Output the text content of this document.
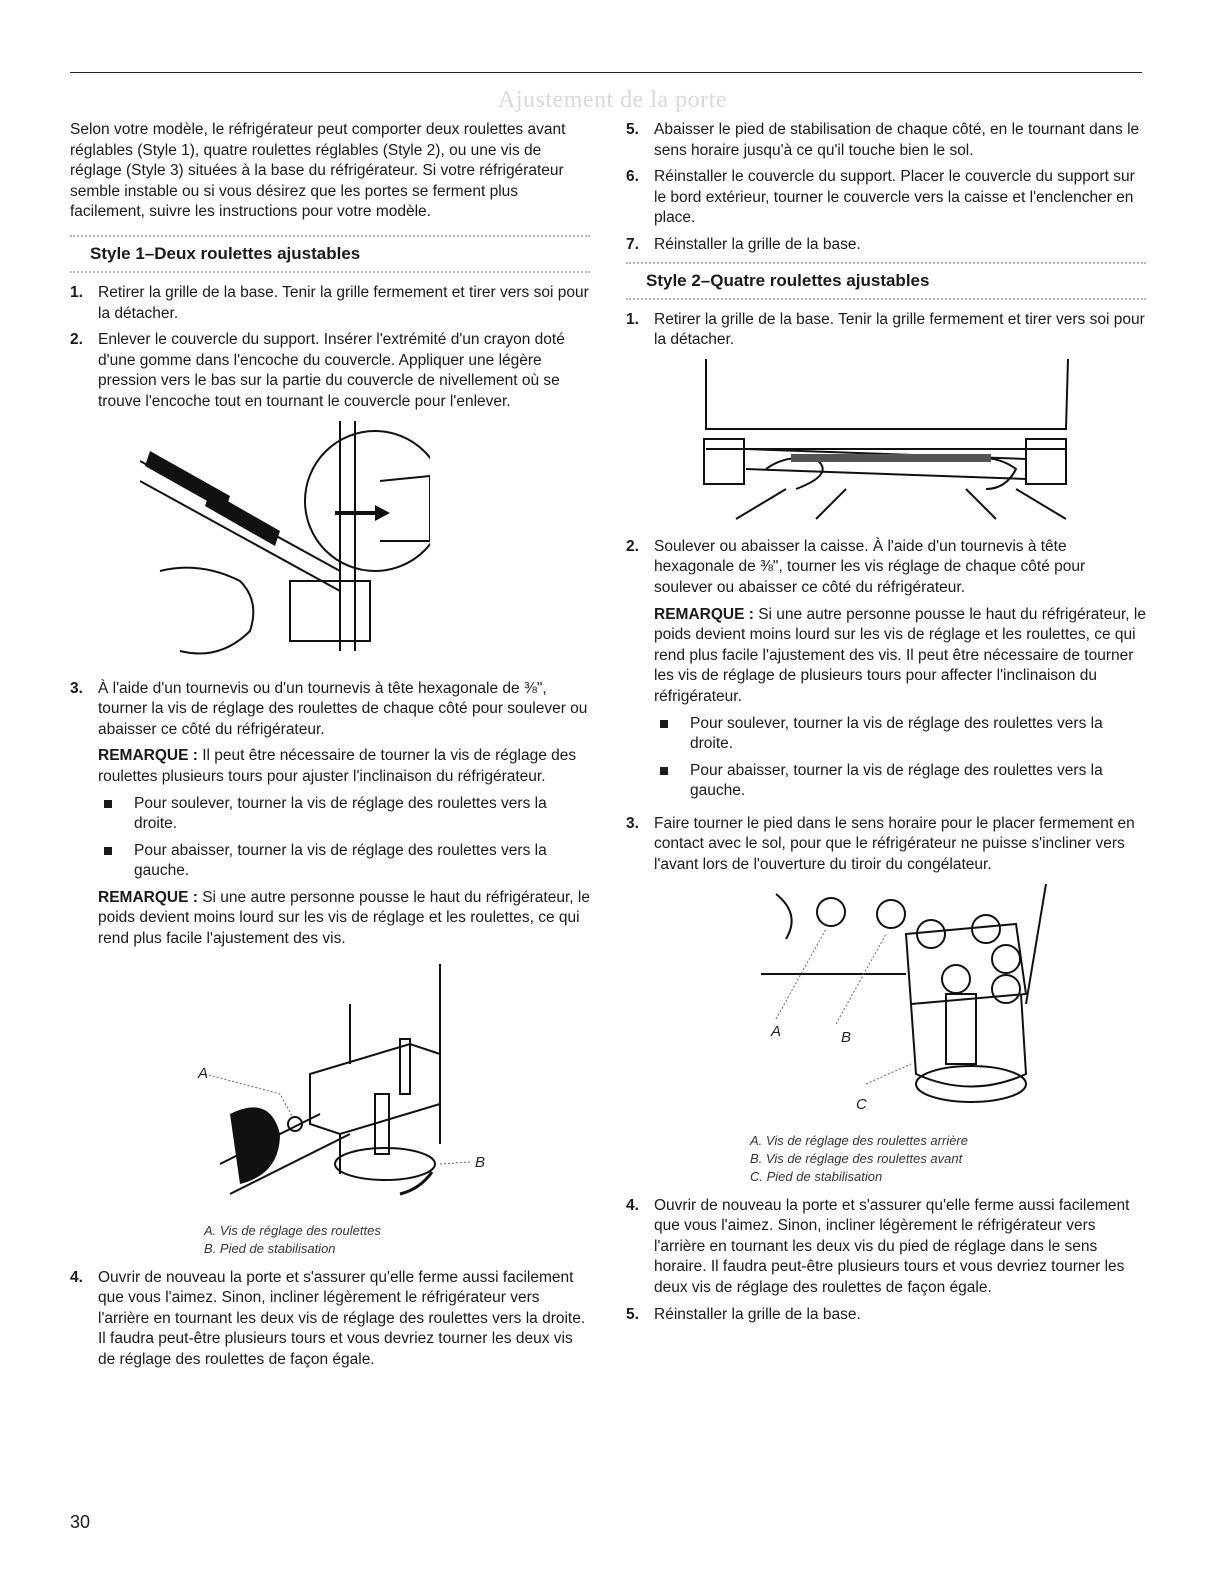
Ajustement de la porte

Selon votre modèle, le réfrigérateur peut comporter deux roulettes avant réglables (Style 1), quatre roulettes réglables (Style 2), ou une vis de réglage (Style 3) situées à la base du réfrigérateur. Si votre réfrigérateur semble instable ou si vous désirez que les portes se ferment plus facilement, suivre les instructions pour votre modèle.

Style 1–Deux roulettes ajustables
1. Retirer la grille de la base. Tenir la grille fermement et tirer vers soi pour la détacher.
2. Enlever le couvercle du support. Insérer l'extrémité d'un crayon doté d'une gomme dans l'encoche du couvercle. Appliquer une légère pression vers le bas sur la partie du couvercle de nivellement où se trouve l'encoche tout en tournant le couvercle pour l'enlever.
3. À l'aide d'un tournevis ou d'un tournevis à tête hexagonale de ⅜", tourner la vis de réglage des roulettes de chaque côté pour soulever ou abaisser ce côté du réfrigérateur.

REMARQUE : Il peut être nécessaire de tourner la vis de réglage des roulettes plusieurs tours pour ajuster l'inclinaison du réfrigérateur.

Pour soulever, tourner la vis de réglage des roulettes vers la droite.
Pour abaisser, tourner la vis de réglage des roulettes vers la gauche.

REMARQUE : Si une autre personne pousse le haut du réfrigérateur, le poids devient moins lourd sur les vis de réglage et les roulettes, ce qui rend plus facile l'ajustement des vis.

A
B
A. Vis de réglage des roulettes
B. Pied de stabilisation
4. Ouvrir de nouveau la porte et s'assurer qu'elle ferme aussi facilement que vous l'aimez. Sinon, incliner légèrement le réfrigérateur vers l'arrière en tournant les deux vis de réglage des roulettes vers la droite. Il faudra peut-être plusieurs tours et vous devriez tourner les deux vis de réglage des roulettes de façon égale.
5. Abaisser le pied de stabilisation de chaque côté, en le tournant dans le sens horaire jusqu'à ce qu'il touche bien le sol.
6. Réinstaller le couvercle du support. Placer le couvercle du support sur le bord extérieur, tourner le couvercle vers la caisse et l'enclencher en place.
7. Réinstaller la grille de la base.
Style 2–Quatre roulettes ajustables
1. Retirer la grille de la base. Tenir la grille fermement et tirer vers soi pour la détacher.
2. Soulever ou abaisser la caisse. À l'aide d'un tournevis à tête hexagonale de ⅜", tourner les vis réglage de chaque côté pour soulever ou abaisser ce côté du réfrigérateur.

REMARQUE : Si une autre personne pousse le haut du réfrigérateur, le poids devient moins lourd sur les vis de réglage et les roulettes, ce qui rend plus facile l'ajustement des vis. Il peut être nécessaire de tourner les vis de réglage de plusieurs tours pour affecter l'inclinaison du réfrigérateur.

Pour soulever, tourner la vis de réglage des roulettes vers la droite.
Pour abaisser, tourner la vis de réglage des roulettes vers la gauche.
3. Faire tourner le pied dans le sens horaire pour le placer fermement en contact avec le sol, pour que le réfrigérateur ne puisse s'incliner vers l'avant lors de l'ouverture du tiroir du congélateur.
A	B
C
A. Vis de réglage des roulettes arrière
B. Vis de réglage des roulettes avant
C. Pied de stabilisation
4. Ouvrir de nouveau la porte et s'assurer qu'elle ferme aussi facilement que vous l'aimez. Sinon, incliner légèrement le réfrigérateur vers l'arrière en tournant les deux vis du pied de réglage dans le sens horaire. Il faudra peut-être plusieurs tours et vous devriez tourner les deux vis de réglage des roulettes de façon égale.
5. Réinstaller la grille de la base.
30
